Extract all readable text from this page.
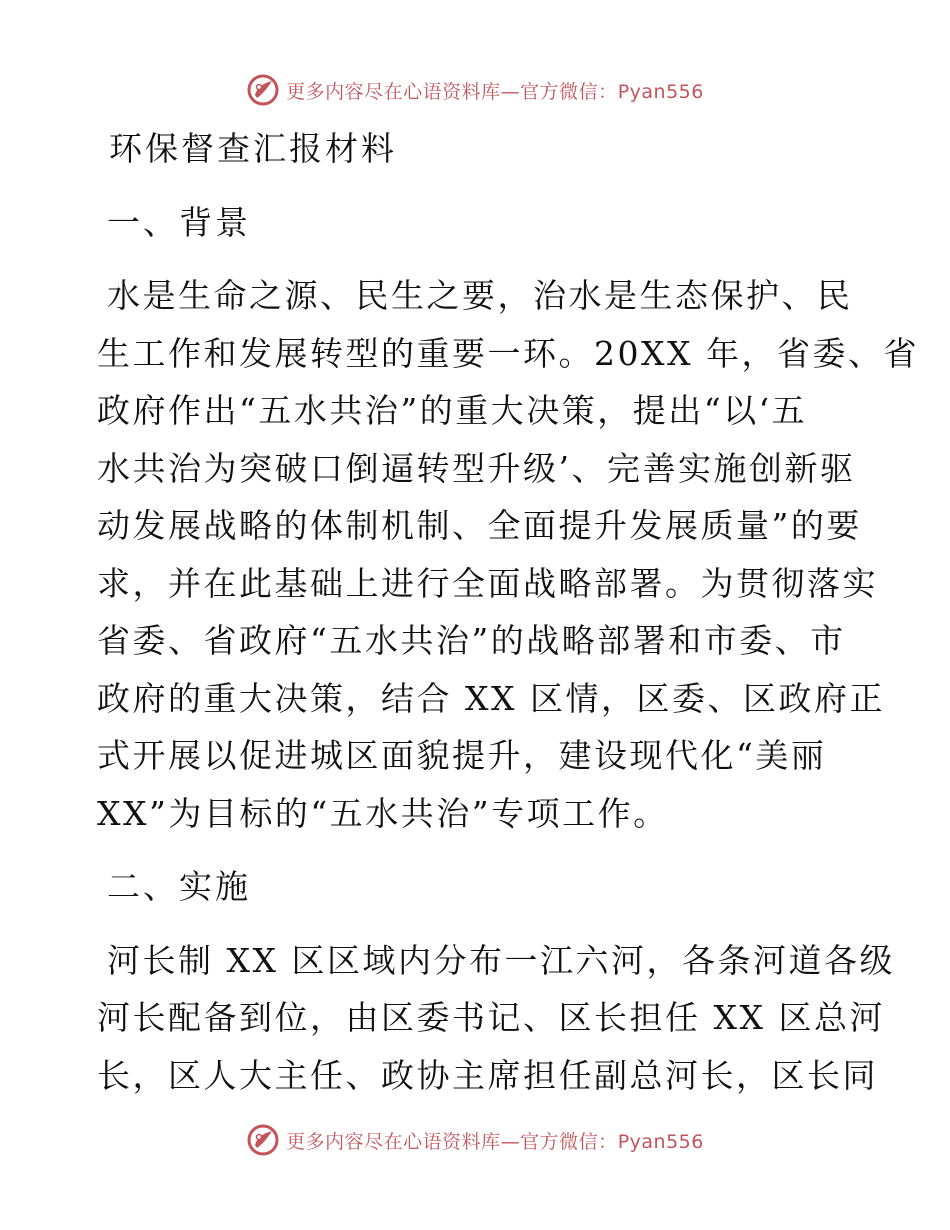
更多内容尽在心语资料库—官方微信：Pyan556
环保督查汇报材料
一、背景
水是生命之源、民生之要，治水是生态保护、民
生工作和发展转型的重要一环。20XX 年，省委、省
政府作出“五水共治”的重大决策，提出“以‘五
水共治为突破口倒逼转型升级’、完善实施创新驱
动发展战略的体制机制、全面提升发展质量”的要
求，并在此基础上进行全面战略部署。为贯彻落实
省委、省政府“五水共治”的战略部署和市委、市
政府的重大决策，结合 XX 区情，区委、区政府正
式开展以促进城区面貌提升，建设现代化“美丽
XX”为目标的“五水共治”专项工作。
二、实施
河长制 XX 区区域内分布一江六河，各条河道各级
河长配备到位，由区委书记、区长担任 XX 区总河
长，区人大主任、政协主席担任副总河长，区长同
更多内容尽在心语资料库—官方微信：Pyan556
